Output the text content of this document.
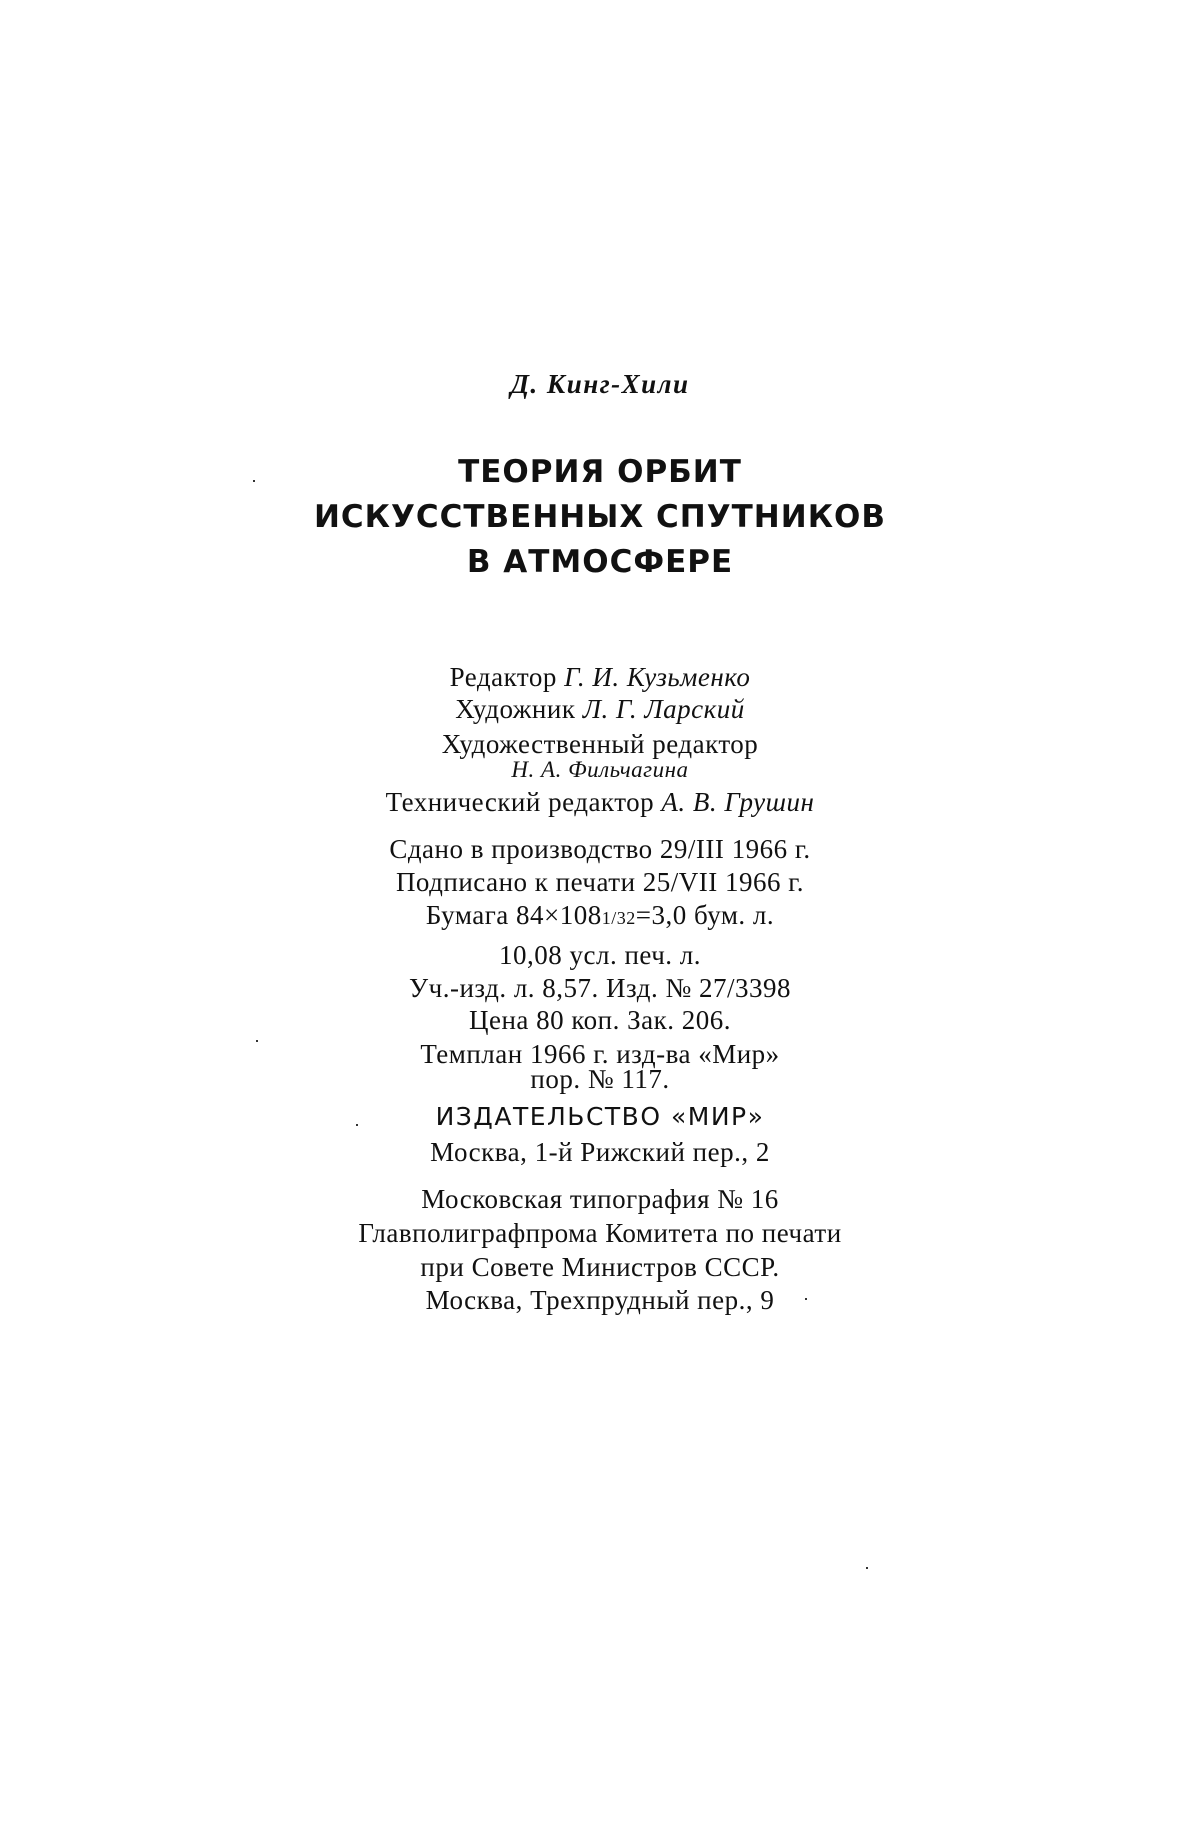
Д. Кинг-Хили
ТЕОРИЯ ОРБИТ
ИСКУССТВЕННЫХ СПУТНИКОВ
В АТМОСФЕРЕ
Редактор Г. И. Кузьменко
Художник Л. Г. Ларский
Художественный редактор
Н. А. Фильчагина
Технический редактор А. В. Грушин
Сдано в производство 29/III 1966 г.
Подписано к печати 25/VII 1966 г.
Бумага 84×1081/32=3,0 бум. л.
10,08 усл. печ. л.
Уч.-изд. л. 8,57. Изд. № 27/3398
Цена 80 коп. Зак. 206.
Темплан 1966 г. изд-ва «Мир»
пор. № 117.
ИЗДАТЕЛЬСТВО «МИР»
Москва, 1-й Рижский пер., 2
Московская типография № 16
Главполиграфпрома Комитета по печати
при Совете Министров СССР.
Москва, Трехпрудный пер., 9
